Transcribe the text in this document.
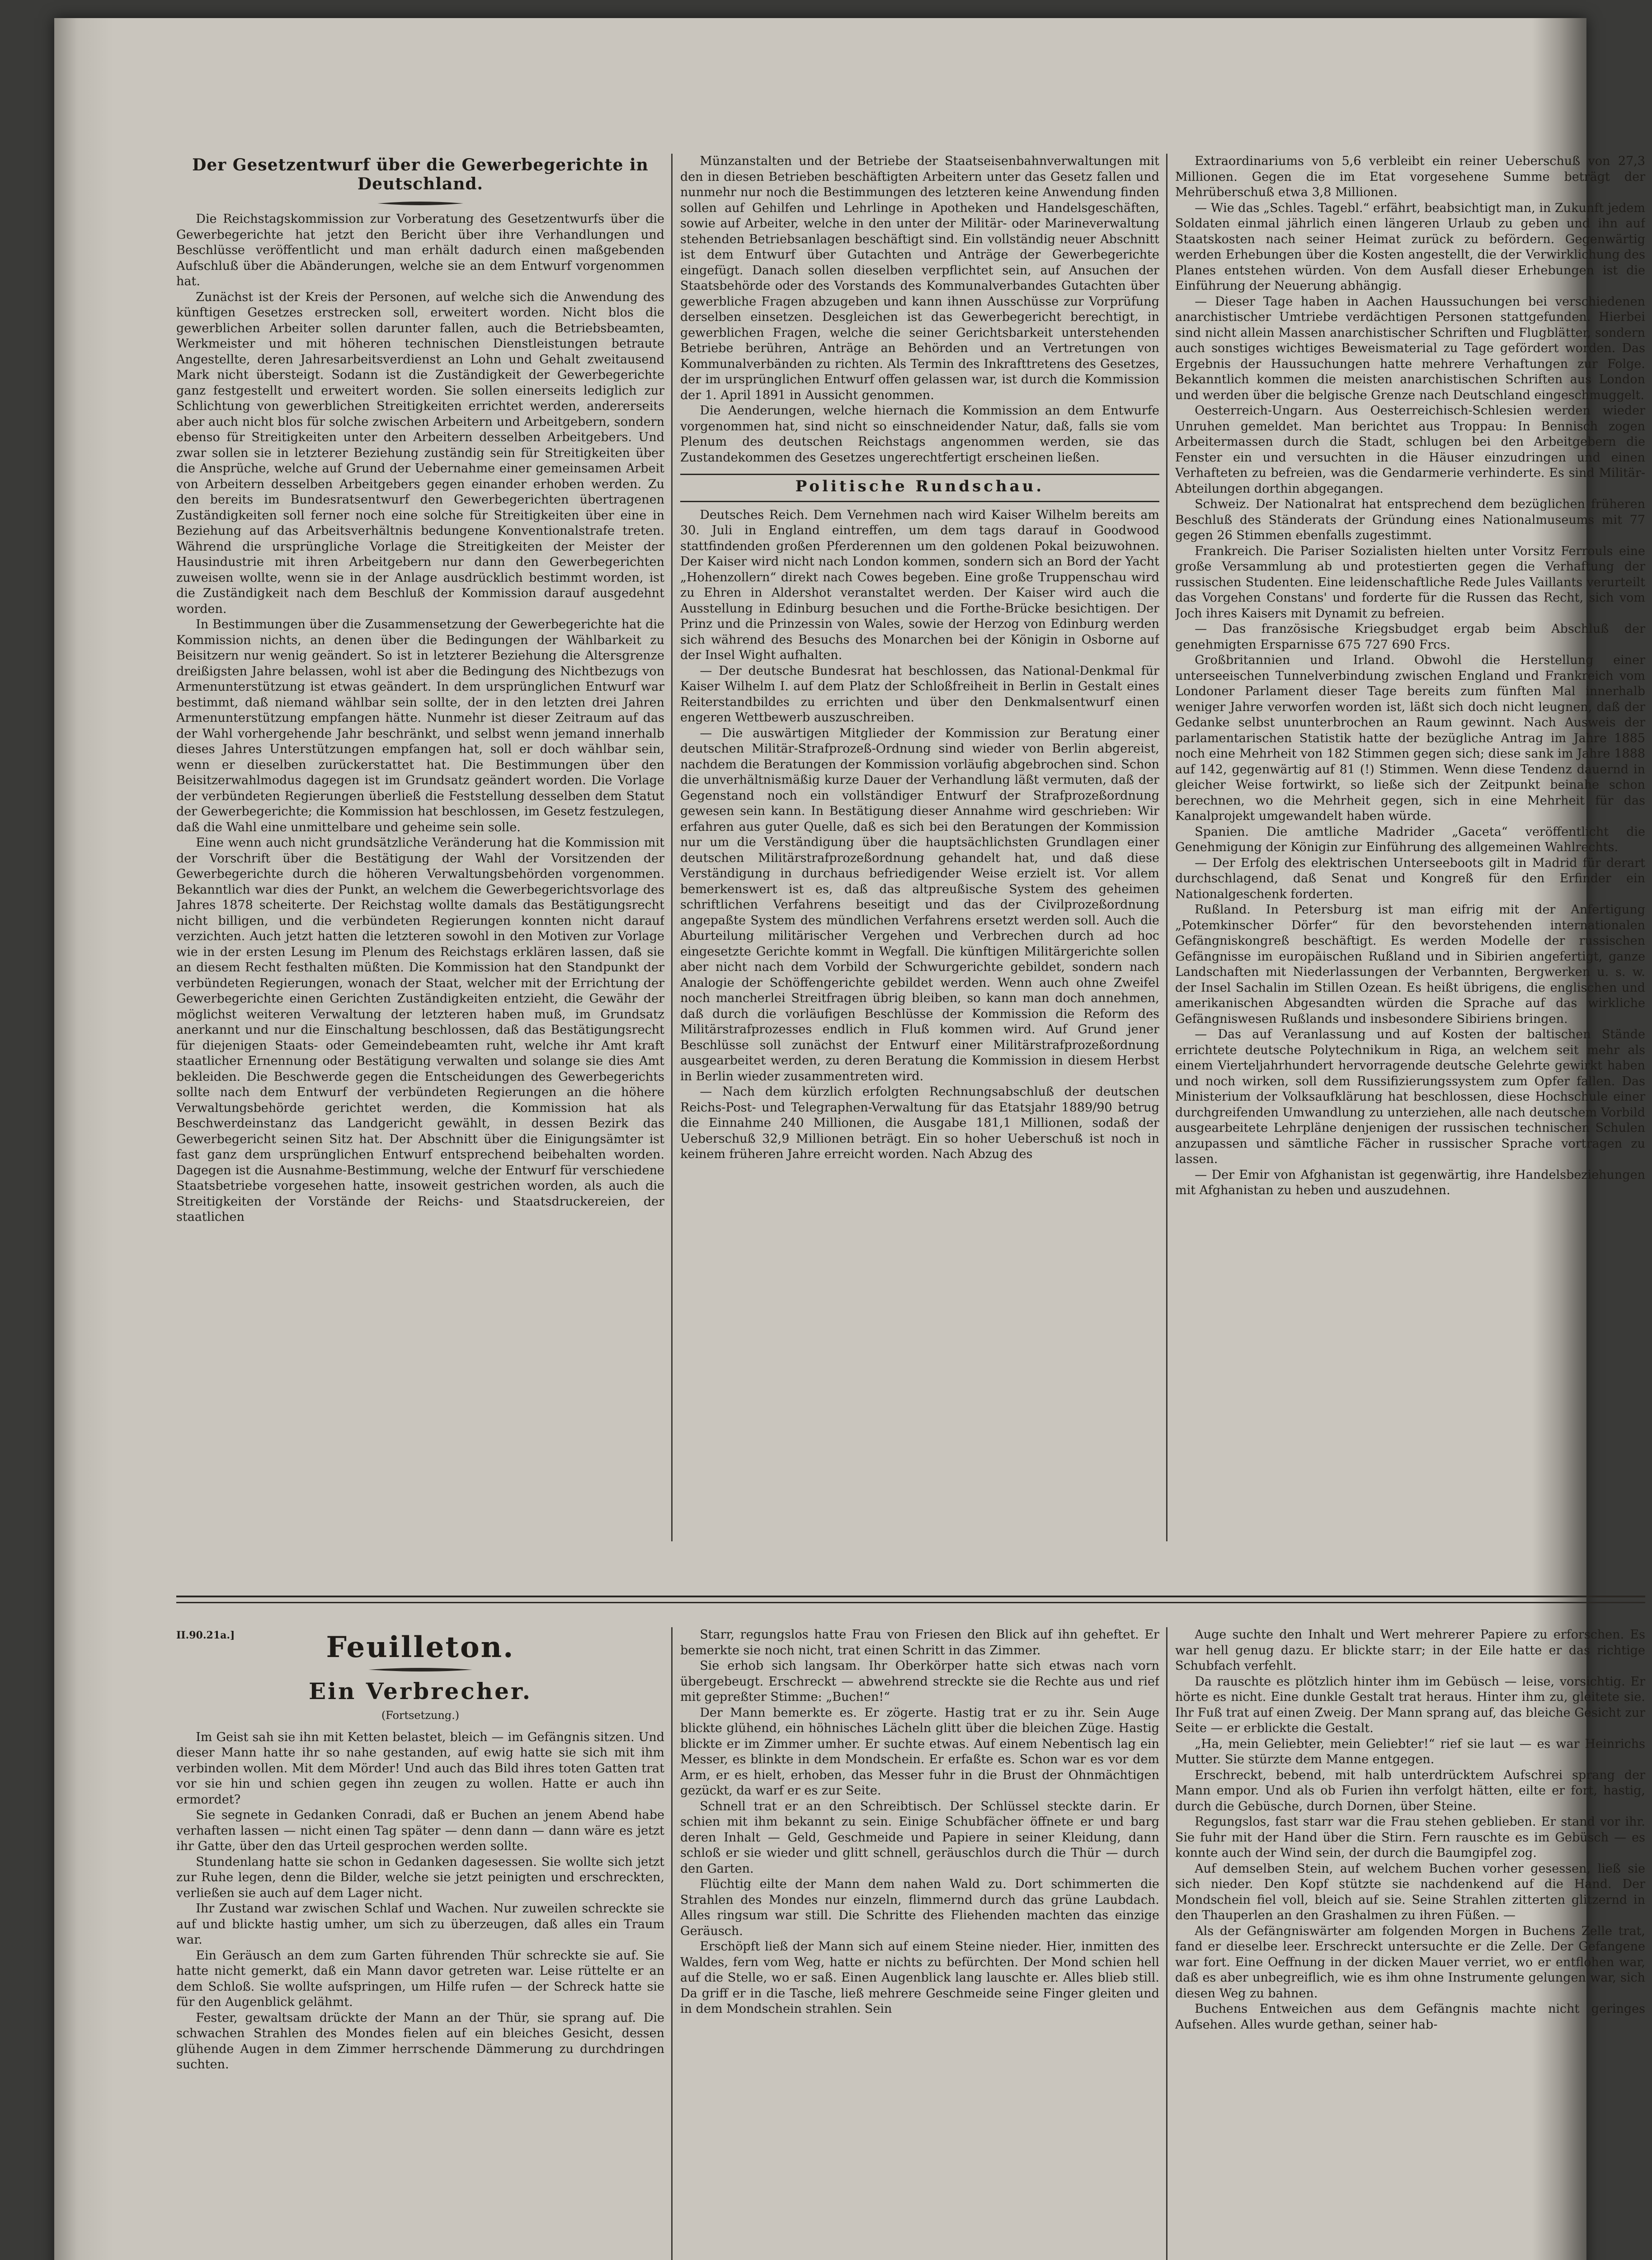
Der Gesetzentwurf über die Gewerbegerichte in Deutschland.

Die Reichstagskommission zur Vorberatung des Gesetzentwurfs über die Gewerbegerichte hat jetzt den Bericht über ihre Verhandlungen und Beschlüsse veröffentlicht und man erhält dadurch einen maßgebenden Aufschluß über die Abänderungen, welche sie an dem Entwurf vorgenommen hat.

Zunächst ist der Kreis der Personen, auf welche sich die Anwendung des künftigen Gesetzes erstrecken soll, erweitert worden. Nicht blos die gewerblichen Arbeiter sollen darunter fallen, auch die Betriebsbeamten, Werkmeister und mit höheren technischen Dienstleistungen betraute Angestellte, deren Jahresarbeitsverdienst an Lohn und Gehalt zweitausend Mark nicht übersteigt. Sodann ist die Zuständigkeit der Gewerbegerichte ganz festgestellt und erweitert worden. Sie sollen einerseits lediglich zur Schlichtung von gewerblichen Streitigkeiten errichtet werden, andererseits aber auch nicht blos für solche zwischen Arbeitern und Arbeitgebern, sondern ebenso für Streitigkeiten unter den Arbeitern desselben Arbeitgebers. Und zwar sollen sie in letzterer Beziehung zuständig sein für Streitigkeiten über die Ansprüche, welche auf Grund der Uebernahme einer gemeinsamen Arbeit von Arbeitern desselben Arbeitgebers gegen einander erhoben werden. Zu den bereits im Bundesratsentwurf den Gewerbegerichten übertragenen Zuständigkeiten soll ferner noch eine solche für Streitigkeiten über eine in Beziehung auf das Arbeitsverhältnis bedungene Konventionalstrafe treten. Während die ursprüngliche Vorlage die Streitigkeiten der Meister der Hausindustrie mit ihren Arbeitgebern nur dann den Gewerbegerichten zuweisen wollte, wenn sie in der Anlage ausdrücklich bestimmt worden, ist die Zuständigkeit nach dem Beschluß der Kommission darauf ausgedehnt worden.

In Bestimmungen über die Zusammensetzung der Gewerbegerichte hat die Kommission nichts, an denen über die Bedingungen der Wählbarkeit zu Beisitzern nur wenig geändert. So ist in letzterer Beziehung die Altersgrenze dreißigsten Jahre belassen, wohl ist aber die Bedingung des Nichtbezugs von Armenunterstützung ist etwas geändert. In dem ursprünglichen Entwurf war bestimmt, daß niemand wählbar sein sollte, der in den letzten drei Jahren Armenunterstützung empfangen hätte. Nunmehr ist dieser Zeitraum auf das der Wahl vorhergehende Jahr beschränkt, und selbst wenn jemand innerhalb dieses Jahres Unterstützungen empfangen hat, soll er doch wählbar sein, wenn er dieselben zurückerstattet hat. Die Bestimmungen über den Beisitzerwahlmodus dagegen ist im Grundsatz geändert worden. Die Vorlage der verbündeten Regierungen überließ die Feststellung desselben dem Statut der Gewerbegerichte; die Kommission hat beschlossen, im Gesetz festzulegen, daß die Wahl eine unmittelbare und geheime sein solle.

Eine wenn auch nicht grundsätzliche Veränderung hat die Kommission mit der Vorschrift über die Bestätigung der Wahl der Vorsitzenden der Gewerbegerichte durch die höheren Verwaltungsbehörden vorgenommen. Bekanntlich war dies der Punkt, an welchem die Gewerbegerichtsvorlage des Jahres 1878 scheiterte. Der Reichstag wollte damals das Bestätigungsrecht nicht billigen, und die verbündeten Regierungen konnten nicht darauf verzichten. Auch jetzt hatten die letzteren sowohl in den Motiven zur Vorlage wie in der ersten Lesung im Plenum des Reichstags erklären lassen, daß sie an diesem Recht festhalten müßten. Die Kommission hat den Standpunkt der verbündeten Regierungen, wonach der Staat, welcher mit der Errichtung der Gewerbegerichte einen Gerichten Zuständigkeiten entzieht, die Gewähr der möglichst weiteren Verwaltung der letzteren haben muß, im Grundsatz anerkannt und nur die Einschaltung beschlossen, daß das Bestätigungsrecht für diejenigen Staats- oder Gemeindebeamten ruht, welche ihr Amt kraft staatlicher Ernennung oder Bestätigung verwalten und solange sie dies Amt bekleiden. Die Beschwerde gegen die Entscheidungen des Gewerbegerichts sollte nach dem Entwurf der verbündeten Regierungen an die höhere Verwaltungsbehörde gerichtet werden, die Kommission hat als Beschwerdeinstanz das Landgericht gewählt, in dessen Bezirk das Gewerbegericht seinen Sitz hat. Der Abschnitt über die Einigungsämter ist fast ganz dem ursprünglichen Entwurf entsprechend beibehalten worden. Dagegen ist die Ausnahme-Bestimmung, welche der Entwurf für verschiedene Staatsbetriebe vorgesehen hatte, insoweit gestrichen worden, als auch die Streitigkeiten der Vorstände der Reichs- und Staatsdruckereien, der staatlichen

Münzanstalten und der Betriebe der Staatseisenbahnverwaltungen mit den in diesen Betrieben beschäftigten Arbeitern unter das Gesetz fallen und nunmehr nur noch die Bestimmungen des letzteren keine Anwendung finden sollen auf Gehilfen und Lehrlinge in Apotheken und Handelsgeschäften, sowie auf Arbeiter, welche in den unter der Militär- oder Marineverwaltung stehenden Betriebsanlagen beschäftigt sind. Ein vollständig neuer Abschnitt ist dem Entwurf über Gutachten und Anträge der Gewerbegerichte eingefügt. Danach sollen dieselben verpflichtet sein, auf Ansuchen der Staatsbehörde oder des Vorstands des Kommunalverbandes Gutachten über gewerbliche Fragen abzugeben und kann ihnen Ausschüsse zur Vorprüfung derselben einsetzen. Desgleichen ist das Gewerbegericht berechtigt, in gewerblichen Fragen, welche die seiner Gerichtsbarkeit unterstehenden Betriebe berühren, Anträge an Behörden und an Vertretungen von Kommunalverbänden zu richten. Als Termin des Inkrafttretens des Gesetzes, der im ursprünglichen Entwurf offen gelassen war, ist durch die Kommission der 1. April 1891 in Aussicht genommen.

Die Aenderungen, welche hiernach die Kommission an dem Entwurfe vorgenommen hat, sind nicht so einschneidender Natur, daß, falls sie vom Plenum des deutschen Reichstags angenommen werden, sie das Zustandekommen des Gesetzes ungerechtfertigt erscheinen ließen.

Politische Rundschau.

Deutsches Reich. Dem Vernehmen nach wird Kaiser Wilhelm bereits am 30. Juli in England eintreffen, um dem tags darauf in Goodwood stattfindenden großen Pferderennen um den goldenen Pokal beizuwohnen. Der Kaiser wird nicht nach London kommen, sondern sich an Bord der Yacht „Hohenzollern“ direkt nach Cowes begeben. Eine große Truppenschau wird zu Ehren in Aldershot veranstaltet werden. Der Kaiser wird auch die Ausstellung in Edinburg besuchen und die Forthe-Brücke besichtigen. Der Prinz und die Prinzessin von Wales, sowie der Herzog von Edinburg werden sich während des Besuchs des Monarchen bei der Königin in Osborne auf der Insel Wight aufhalten.

— Der deutsche Bundesrat hat beschlossen, das National-Denkmal für Kaiser Wilhelm I. auf dem Platz der Schloßfreiheit in Berlin in Gestalt eines Reiterstandbildes zu errichten und über den Denkmalsentwurf einen engeren Wettbewerb auszuschreiben.

— Die auswärtigen Mitglieder der Kommission zur Beratung einer deutschen Militär-Strafprozeß-Ordnung sind wieder von Berlin abgereist, nachdem die Beratungen der Kommission vorläufig abgebrochen sind. Schon die unverhältnismäßig kurze Dauer der Verhandlung läßt vermuten, daß der Gegenstand noch ein vollständiger Entwurf der Strafprozeßordnung gewesen sein kann. In Bestätigung dieser Annahme wird geschrieben: Wir erfahren aus guter Quelle, daß es sich bei den Beratungen der Kommission nur um die Verständigung über die hauptsächlichsten Grundlagen einer deutschen Militärstrafprozeßordnung gehandelt hat, und daß diese Verständigung in durchaus befriedigender Weise erzielt ist. Vor allem bemerkenswert ist es, daß das altpreußische System des geheimen schriftlichen Verfahrens beseitigt und das der Civilprozeßordnung angepaßte System des mündlichen Verfahrens ersetzt werden soll. Auch die Aburteilung militärischer Vergehen und Verbrechen durch ad hoc eingesetzte Gerichte kommt in Wegfall. Die künftigen Militärgerichte sollen aber nicht nach dem Vorbild der Schwurgerichte gebildet, sondern nach Analogie der Schöffengerichte gebildet werden. Wenn auch ohne Zweifel noch mancherlei Streitfragen übrig bleiben, so kann man doch annehmen, daß durch die vorläufigen Beschlüsse der Kommission die Reform des Militärstrafprozesses endlich in Fluß kommen wird. Auf Grund jener Beschlüsse soll zunächst der Entwurf einer Militärstrafprozeßordnung ausgearbeitet werden, zu deren Beratung die Kommission in diesem Herbst in Berlin wieder zusammentreten wird.

— Nach dem kürzlich erfolgten Rechnungsabschluß der deutschen Reichs-Post- und Telegraphen-Verwaltung für das Etatsjahr 1889/90 betrug die Einnahme 240 Millionen, die Ausgabe 181,1 Millionen, sodaß der Ueberschuß 32,9 Millionen beträgt. Ein so hoher Ueberschuß ist noch in keinem früheren Jahre erreicht worden. Nach Abzug des

Extraordinariums von 5,6 verbleibt ein reiner Ueberschuß von 27,3 Millionen. Gegen die im Etat vorgesehene Summe beträgt der Mehrüberschuß etwa 3,8 Millionen.

— Wie das „Schles. Tagebl.“ erfährt, beabsichtigt man, in Zukunft jedem Soldaten einmal jährlich einen längeren Urlaub zu geben und ihn auf Staatskosten nach seiner Heimat zurück zu befördern. Gegenwärtig werden Erhebungen über die Kosten angestellt, die der Verwirklichung des Planes entstehen würden. Von dem Ausfall dieser Erhebungen ist die Einführung der Neuerung abhängig.

— Dieser Tage haben in Aachen Haussuchungen bei verschiedenen anarchistischer Umtriebe verdächtigen Personen stattgefunden. Hierbei sind nicht allein Massen anarchistischer Schriften und Flugblätter, sondern auch sonstiges wichtiges Beweismaterial zu Tage gefördert worden. Das Ergebnis der Haussuchungen hatte mehrere Verhaftungen zur Folge. Bekanntlich kommen die meisten anarchistischen Schriften aus London und werden über die belgische Grenze nach Deutschland eingeschmuggelt.

Oesterreich-Ungarn. Aus Oesterreichisch-Schlesien werden wieder Unruhen gemeldet. Man berichtet aus Troppau: In Bennisch zogen Arbeitermassen durch die Stadt, schlugen bei den Arbeitgebern die Fenster ein und versuchten in die Häuser einzudringen und einen Verhafteten zu befreien, was die Gendarmerie verhinderte. Es sind Militär-Abteilungen dorthin abgegangen.

Schweiz. Der Nationalrat hat entsprechend dem bezüglichen früheren Beschluß des Ständerats der Gründung eines Nationalmuseums mit 77 gegen 26 Stimmen ebenfalls zugestimmt.

Frankreich. Die Pariser Sozialisten hielten unter Vorsitz Ferrouls eine große Versammlung ab und protestierten gegen die Verhaftung der russischen Studenten. Eine leidenschaftliche Rede Jules Vaillants verurteilt das Vorgehen Constans' und forderte für die Russen das Recht, sich vom Joch ihres Kaisers mit Dynamit zu befreien.

— Das französische Kriegsbudget ergab beim Abschluß der genehmigten Ersparnisse 675 727 690 Frcs.

Großbritannien und Irland. Obwohl die Herstellung einer unterseeischen Tunnelverbindung zwischen England und Frankreich vom Londoner Parlament dieser Tage bereits zum fünften Mal innerhalb weniger Jahre verworfen worden ist, läßt sich doch nicht leugnen, daß der Gedanke selbst ununterbrochen an Raum gewinnt. Nach Ausweis der parlamentarischen Statistik hatte der bezügliche Antrag im Jahre 1885 noch eine Mehrheit von 182 Stimmen gegen sich; diese sank im Jahre 1888 auf 142, gegenwärtig auf 81 (!) Stimmen. Wenn diese Tendenz dauernd in gleicher Weise fortwirkt, so ließe sich der Zeitpunkt beinahe schon berechnen, wo die Mehrheit gegen, sich in eine Mehrheit für das Kanalprojekt umgewandelt haben würde.

Spanien. Die amtliche Madrider „Gaceta“ veröffentlicht die Genehmigung der Königin zur Einführung des allgemeinen Wahlrechts.

— Der Erfolg des elektrischen Unterseeboots gilt in Madrid für derart durchschlagend, daß Senat und Kongreß für den Erfinder ein Nationalgeschenk forderten.

Rußland. In Petersburg ist man eifrig mit der Anfertigung „Potemkinscher Dörfer“ für den bevorstehenden internationalen Gefängniskongreß beschäftigt. Es werden Modelle der russischen Gefängnisse im europäischen Rußland und in Sibirien angefertigt, ganze Landschaften mit Niederlassungen der Verbannten, Bergwerken u. s. w. der Insel Sachalin im Stillen Ozean. Es heißt übrigens, die englischen und amerikanischen Abgesandten würden die Sprache auf das wirkliche Gefängniswesen Rußlands und insbesondere Sibiriens bringen.

— Das auf Veranlassung und auf Kosten der baltischen Stände errichtete deutsche Polytechnikum in Riga, an welchem seit mehr als einem Vierteljahrhundert hervorragende deutsche Gelehrte gewirkt haben und noch wirken, soll dem Russifizierungssystem zum Opfer fallen. Das Ministerium der Volksaufklärung hat beschlossen, diese Hochschule einer durchgreifenden Umwandlung zu unterziehen, alle nach deutschem Vorbild ausgearbeitete Lehrpläne denjenigen der russischen technischen Schulen anzupassen und sämtliche Fächer in russischer Sprache vortragen zu lassen.

— Der Emir von Afghanistan ist gegenwärtig, ihre Handelsbeziehungen mit Afghanistan zu heben und auszudehnen.

II.90.21a.]	Feuilleton.
Ein Verbrecher.
(Fortsetzung.)

Im Geist sah sie ihn mit Ketten belastet, bleich — im Gefängnis sitzen. Und dieser Mann hatte ihr so nahe gestanden, auf ewig hatte sie sich mit ihm verbinden wollen. Mit dem Mörder! Und auch das Bild ihres toten Gatten trat vor sie hin und schien gegen ihn zeugen zu wollen. Hatte er auch ihn ermordet?

Sie segnete in Gedanken Conradi, daß er Buchen an jenem Abend habe verhaften lassen — nicht einen Tag später — denn dann — dann wäre es jetzt ihr Gatte, über den das Urteil gesprochen werden sollte.

Stundenlang hatte sie schon in Gedanken dagesessen. Sie wollte sich jetzt zur Ruhe legen, denn die Bilder, welche sie jetzt peinigten und erschreckten, verließen sie auch auf dem Lager nicht.

Ihr Zustand war zwischen Schlaf und Wachen. Nur zuweilen schreckte sie auf und blickte hastig umher, um sich zu überzeugen, daß alles ein Traum war.

Ein Geräusch an dem zum Garten führenden Thür schreckte sie auf. Sie hatte nicht gemerkt, daß ein Mann davor getreten war. Leise rüttelte er an dem Schloß. Sie wollte aufspringen, um Hilfe rufen — der Schreck hatte sie für den Augenblick gelähmt.

Fester, gewaltsam drückte der Mann an der Thür, sie sprang auf. Die schwachen Strahlen des Mondes fielen auf ein bleiches Gesicht, dessen glühende Augen in dem Zimmer herrschende Dämmerung zu durchdringen suchten.

Starr, regungslos hatte Frau von Friesen den Blick auf ihn geheftet. Er bemerkte sie noch nicht, trat einen Schritt in das Zimmer.

Sie erhob sich langsam. Ihr Oberkörper hatte sich etwas nach vorn übergebeugt. Erschreckt — abwehrend streckte sie die Rechte aus und rief mit gepreßter Stimme: „Buchen!“

Der Mann bemerkte es. Er zögerte. Hastig trat er zu ihr. Sein Auge blickte glühend, ein höhnisches Lächeln glitt über die bleichen Züge. Hastig blickte er im Zimmer umher. Er suchte etwas. Auf einem Nebentisch lag ein Messer, es blinkte in dem Mondschein. Er erfaßte es. Schon war es vor dem Arm, er es hielt, erhoben, das Messer fuhr in die Brust der Ohnmächtigen gezückt, da warf er es zur Seite.

Schnell trat er an den Schreibtisch. Der Schlüssel steckte darin. Er schien mit ihm bekannt zu sein. Einige Schubfächer öffnete er und barg deren Inhalt — Geld, Geschmeide und Papiere in seiner Kleidung, dann schloß er sie wieder und glitt schnell, geräuschlos durch die Thür — durch den Garten.

Flüchtig eilte der Mann dem nahen Wald zu. Dort schimmerten die Strahlen des Mondes nur einzeln, flimmernd durch das grüne Laubdach. Alles ringsum war still. Die Schritte des Fliehenden machten das einzige Geräusch.

Erschöpft ließ der Mann sich auf einem Steine nieder. Hier, inmitten des Waldes, fern vom Weg, hatte er nichts zu befürchten. Der Mond schien hell auf die Stelle, wo er saß. Einen Augenblick lang lauschte er. Alles blieb still. Da griff er in die Tasche, ließ mehrere Geschmeide seine Finger gleiten und in dem Mondschein strahlen. Sein

Auge suchte den Inhalt und Wert mehrerer Papiere zu erforschen. Es war hell genug dazu. Er blickte starr; in der Eile hatte er das richtige Schubfach verfehlt.

Da rauschte es plötzlich hinter ihm im Gebüsch — leise, vorsichtig. Er hörte es nicht. Eine dunkle Gestalt trat heraus. Hinter ihm zu, gleitete sie. Ihr Fuß trat auf einen Zweig. Der Mann sprang auf, das bleiche Gesicht zur Seite — er erblickte die Gestalt.

„Ha, mein Geliebter, mein Geliebter!“ rief sie laut — es war Heinrichs Mutter. Sie stürzte dem Manne entgegen.

Erschreckt, bebend, mit halb unterdrücktem Aufschrei sprang der Mann empor. Und als ob Furien ihn verfolgt hätten, eilte er fort, hastig, durch die Gebüsche, durch Dornen, über Steine.

Regungslos, fast starr war die Frau stehen geblieben. Er stand vor ihr. Sie fuhr mit der Hand über die Stirn. Fern rauschte es im Gebüsch — es konnte auch der Wind sein, der durch die Baumgipfel zog.

Auf demselben Stein, auf welchem Buchen vorher gesessen, ließ sie sich nieder. Den Kopf stützte sie nachdenkend auf die Hand. Der Mondschein fiel voll, bleich auf sie. Seine Strahlen zitterten glitzernd in den Thauperlen an den Grashalmen zu ihren Füßen. —

Als der Gefängniswärter am folgenden Morgen in Buchens Zelle trat, fand er dieselbe leer. Erschreckt untersuchte er die Zelle. Der Gefangene war fort. Eine Oeffnung in der dicken Mauer verriet, wo er entflohen war, daß es aber unbegreiflich, wie es ihm ohne Instrumente gelungen war, sich diesen Weg zu bahnen.

Buchens Entweichen aus dem Gefängnis machte nicht geringes Aufsehen. Alles wurde gethan, seiner hab-
